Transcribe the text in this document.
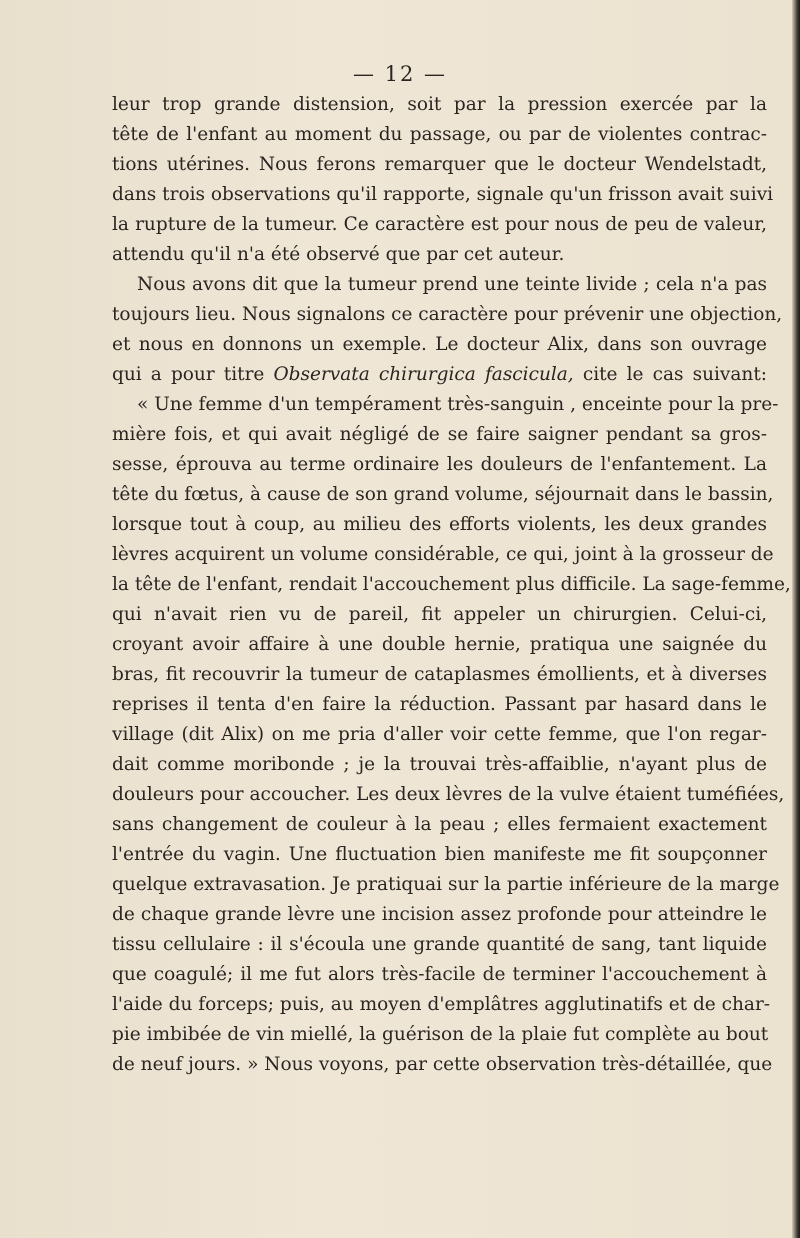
— 12 —
leur trop grande distension, soit par la pression exercée par la
tête de l'enfant au moment du passage, ou par de violentes contrac-
tions utérines. Nous ferons remarquer que le docteur Wendelstadt,
dans trois observations qu'il rapporte, signale qu'un frisson avait suivi
la rupture de la tumeur. Ce caractère est pour nous de peu de valeur,
attendu qu'il n'a été observé que par cet auteur.
Nous avons dit que la tumeur prend une teinte livide ; cela n'a pas
toujours lieu. Nous signalons ce caractère pour prévenir une objection,
et nous en donnons un exemple. Le docteur Alix, dans son ouvrage
qui a pour titre Observata chirurgica fasciculа, cite le cas suivant:
« Une femme d'un tempérament très-sanguin , enceinte pour la pre-
mière fois, et qui avait négligé de se faire saigner pendant sa gros-
sesse, éprouva au terme ordinaire les douleurs de l'enfantement. La
tête du fœtus, à cause de son grand volume, séjournait dans le bassin,
lorsque tout à coup, au milieu des efforts violents, les deux grandes
lèvres acquirent un volume considérable, ce qui, joint à la grosseur de
la tête de l'enfant, rendait l'accouchement plus difficile. La sage-femme,
qui n'avait rien vu de pareil, fit appeler un chirurgien. Celui-ci,
croyant avoir affaire à une double hernie, pratiqua une saignée du
bras, fit recouvrir la tumeur de cataplasmes émollients, et à diverses
reprises il tenta d'en faire la réduction. Passant par hasard dans le
village (dit Alix) on me pria d'aller voir cette femme, que l'on regar-
dait comme moribonde ; je la trouvai très-affaiblie, n'ayant plus de
douleurs pour accoucher. Les deux lèvres de la vulve étaient tuméfiées,
sans changement de couleur à la peau ; elles fermaient exactement
l'entrée du vagin. Une fluctuation bien manifeste me fit soupçonner
quelque extravasation. Je pratiquai sur la partie inférieure de la marge
de chaque grande lèvre une incision assez profonde pour atteindre le
tissu cellulaire : il s'écoula une grande quantité de sang, tant liquide
que coagulé; il me fut alors très-facile de terminer l'accouchement à
l'aide du forceps; puis, au moyen d'emplâtres agglutinatifs et de char-
pie imbibée de vin miellé, la guérison de la plaie fut complète au bout
de neuf jours. » Nous voyons, par cette observation très-détaillée, que
